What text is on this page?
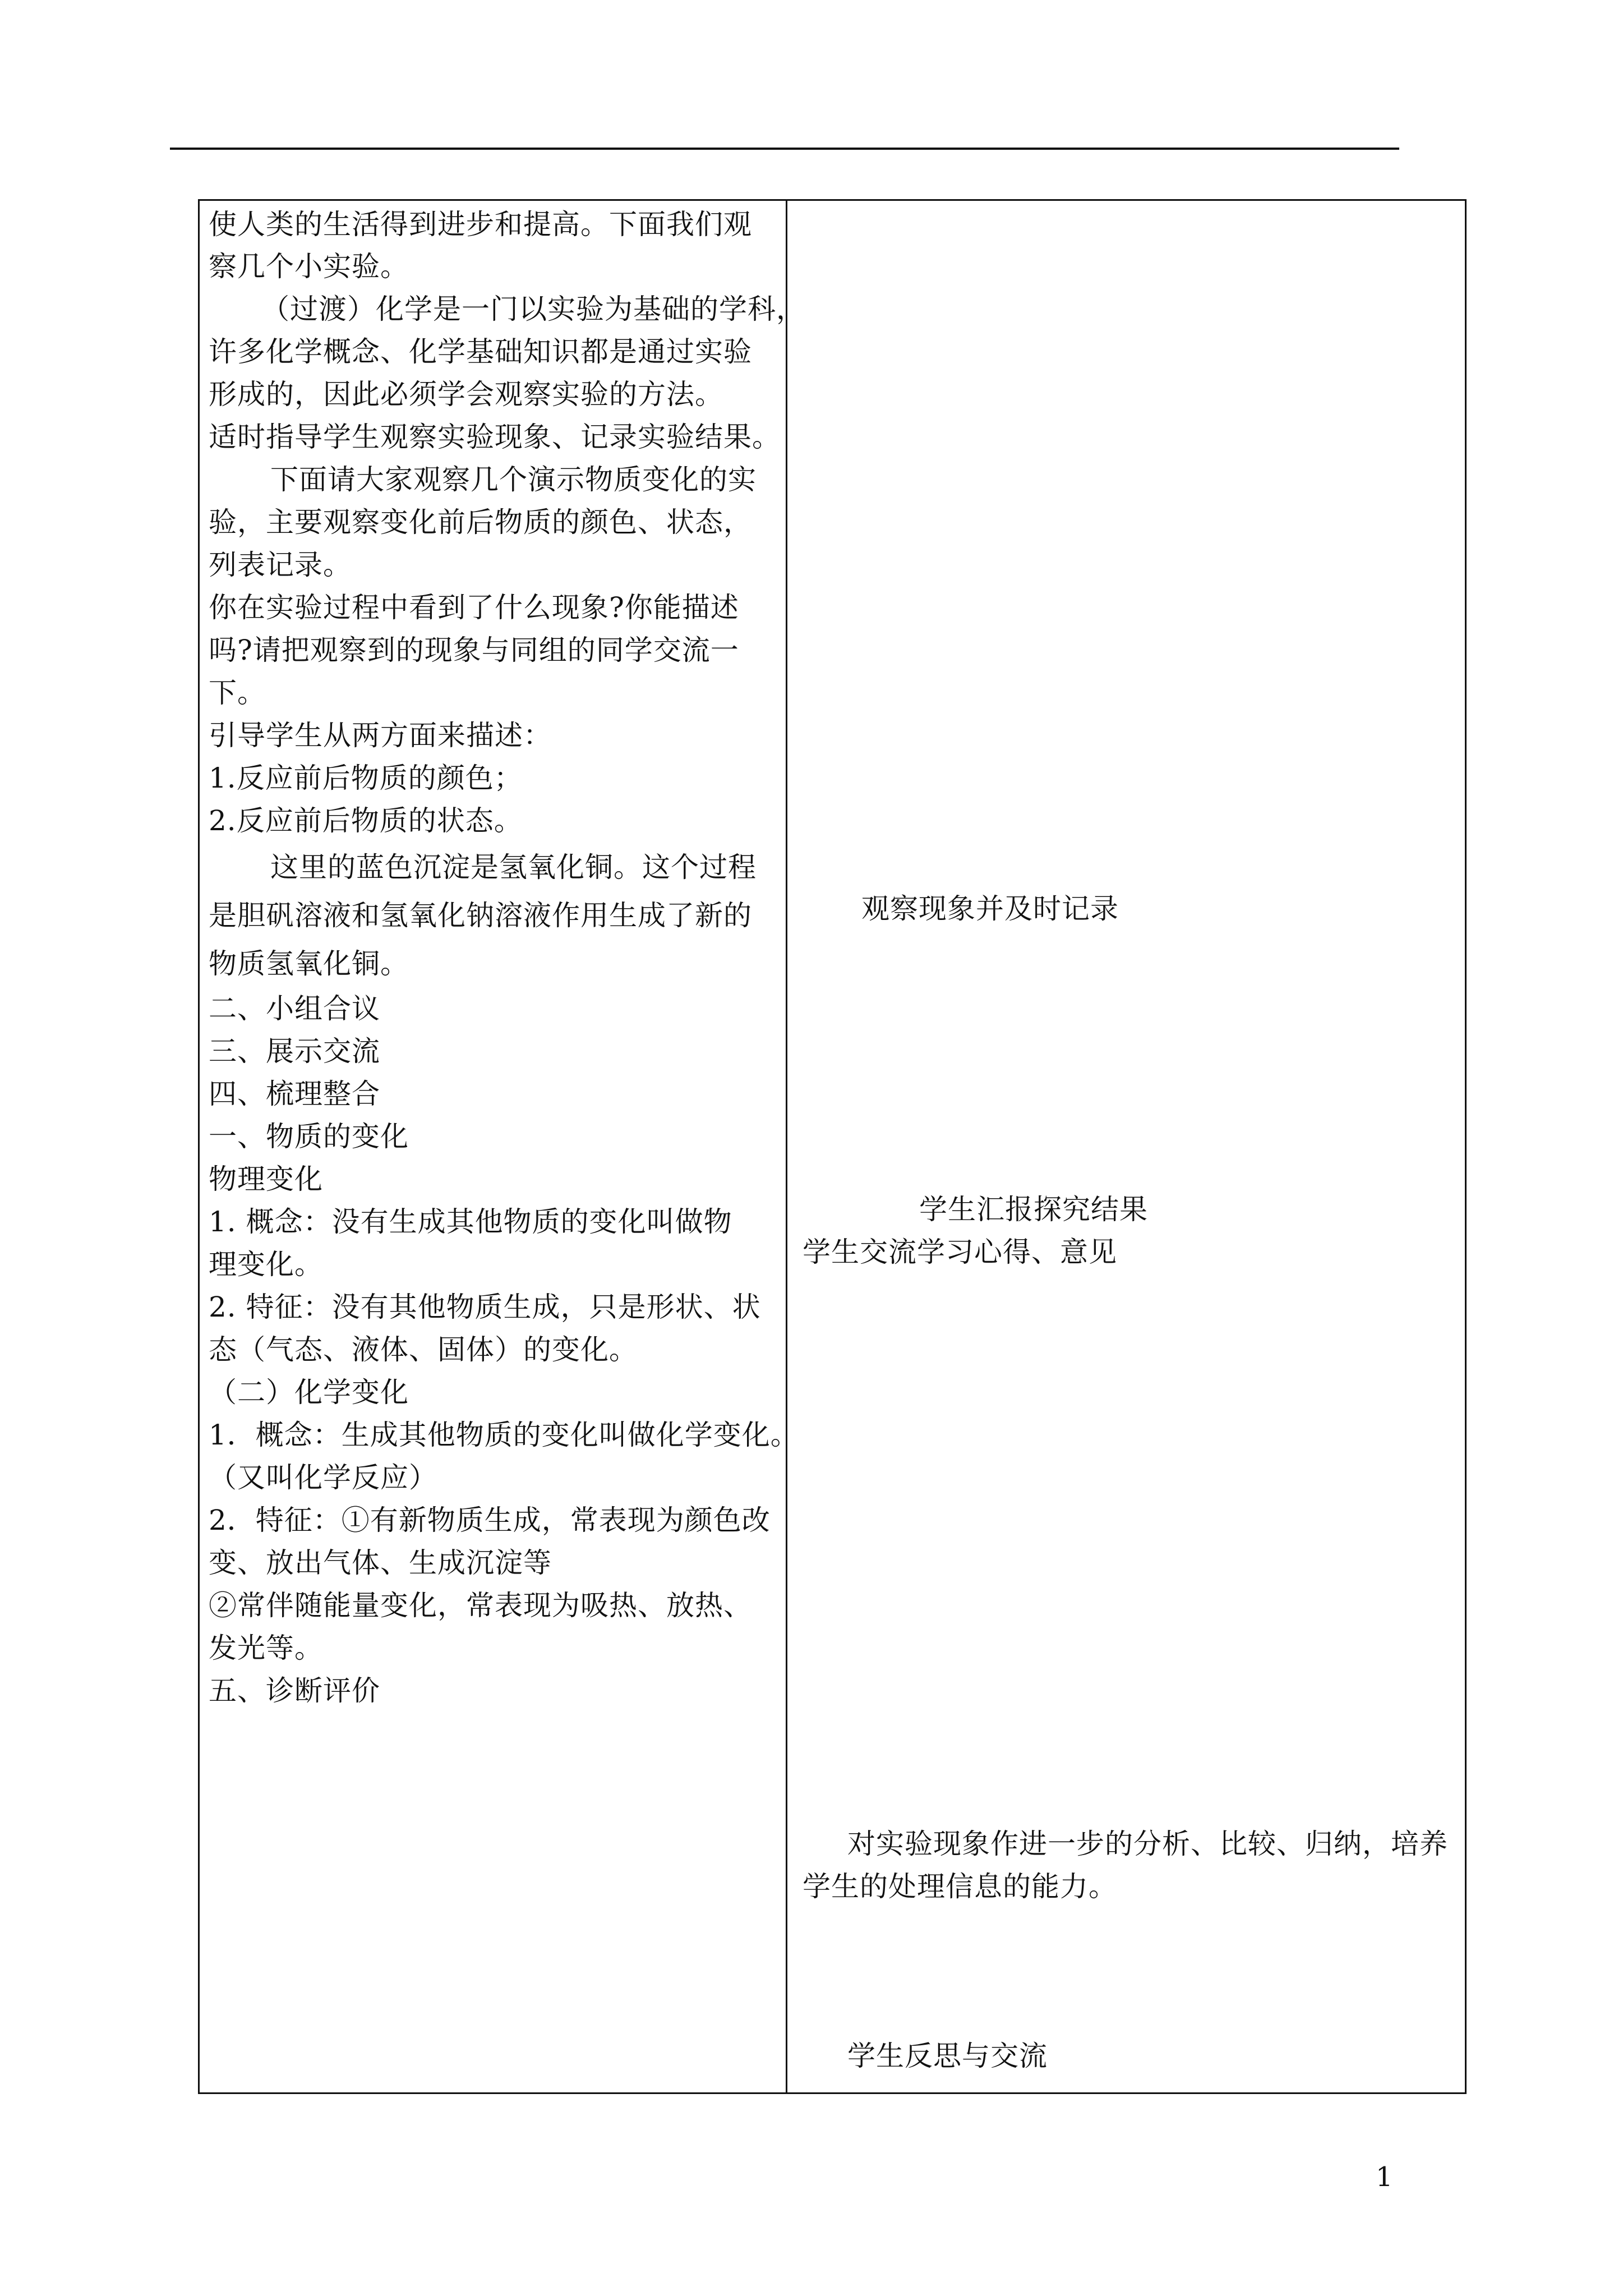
使人类的生活得到进步和提高。下面我们观
察几个小实验。
（过渡）化学是一门以实验为基础的学科，
许多化学概念、化学基础知识都是通过实验
形成的，因此必须学会观察实验的方法。
适时指导学生观察实验现象、记录实验结果。
下面请大家观察几个演示物质变化的实
验，主要观察变化前后物质的颜色、状态，
列表记录。
你在实验过程中看到了什么现象?你能描述
吗?请把观察到的现象与同组的同学交流一
下。
引导学生从两方面来描述：
1.反应前后物质的颜色；
2.反应前后物质的状态。
这里的蓝色沉淀是氢氧化铜。这个过程
是胆矾溶液和氢氧化钠溶液作用生成了新的
物质氢氧化铜。
二、小组合议
三、展示交流
四、梳理整合
一、物质的变化
物理变化
1. 概念：没有生成其他物质的变化叫做物
理变化。
2. 特征：没有其他物质生成，只是形状、状
态（气态、液体、固体）的变化。
（二）化学变化
1．概念：生成其他物质的变化叫做化学变化。
（又叫化学反应）
2．特征：①有新物质生成，常表现为颜色改
变、放出气体、生成沉淀等
②常伴随能量变化，常表现为吸热、放热、
发光等。
五、诊断评价
观察现象并及时记录
学生汇报探究结果
学生交流学习心得、意见
对实验现象作进一步的分析、比较、归纳，培养
学生的处理信息的能力。
学生反思与交流
1
